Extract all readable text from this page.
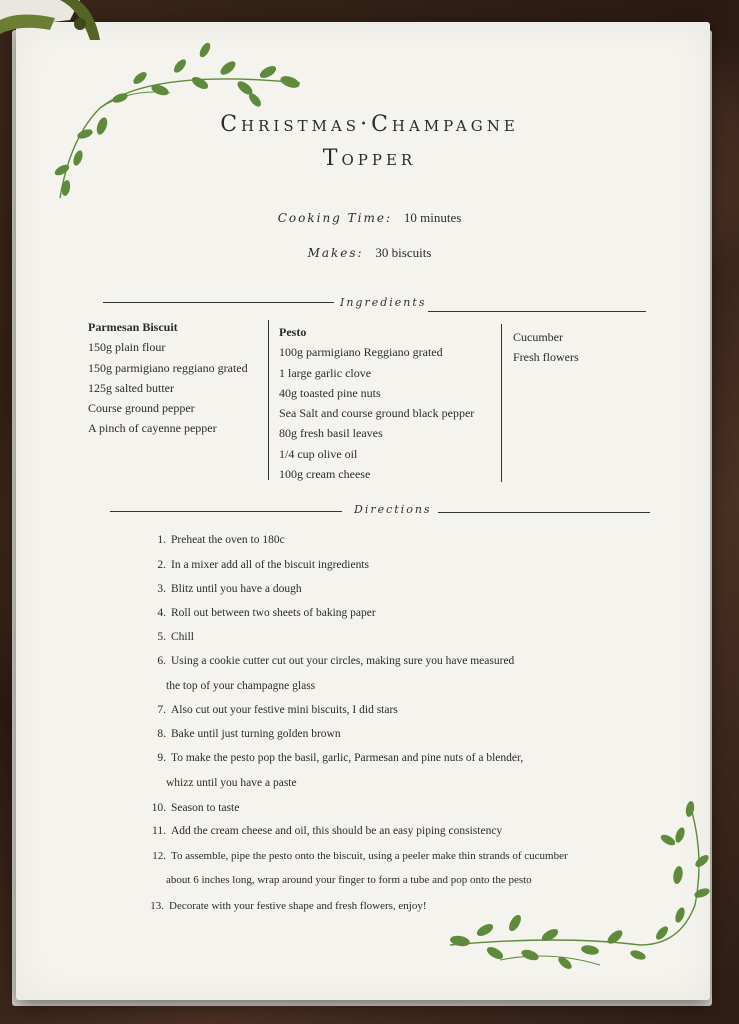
Christmas·Champagne
Topper
Cooking Time: 10 minutes
Makes: 30 biscuits
Ingredients
Parmesan Biscuit
150g plain flour
150g parmigiano reggiano grated
125g salted butter
Course ground pepper
A pinch of cayenne pepper
Pesto
100g parmigiano Reggiano grated
1 large garlic clove
40g toasted pine nuts
Sea Salt and course ground black pepper
80g fresh basil leaves
1/4 cup olive oil
100g cream cheese
Cucumber
Fresh flowers
Directions
1. Preheat the oven to 180c
2. In a mixer add all of the biscuit ingredients
3. Blitz until you have a dough
4. Roll out between two sheets of baking paper
5. Chill
6. Using a cookie cutter cut out your circles, making sure you have measured
the top of your champagne glass
7. Also cut out your festive mini biscuits, I did stars
8. Bake until just turning golden brown
9. To make the pesto pop the basil, garlic, Parmesan and pine nuts of a blender,
whizz until you have a paste
10. Season to taste
11. Add the cream cheese and oil, this should be an easy piping consistency
12. To assemble, pipe the pesto onto the biscuit, using a peeler make thin strands of cucumber
about 6 inches long, wrap around your finger to form a tube and pop onto the pesto
13. Decorate with your festive shape and fresh flowers, enjoy!
